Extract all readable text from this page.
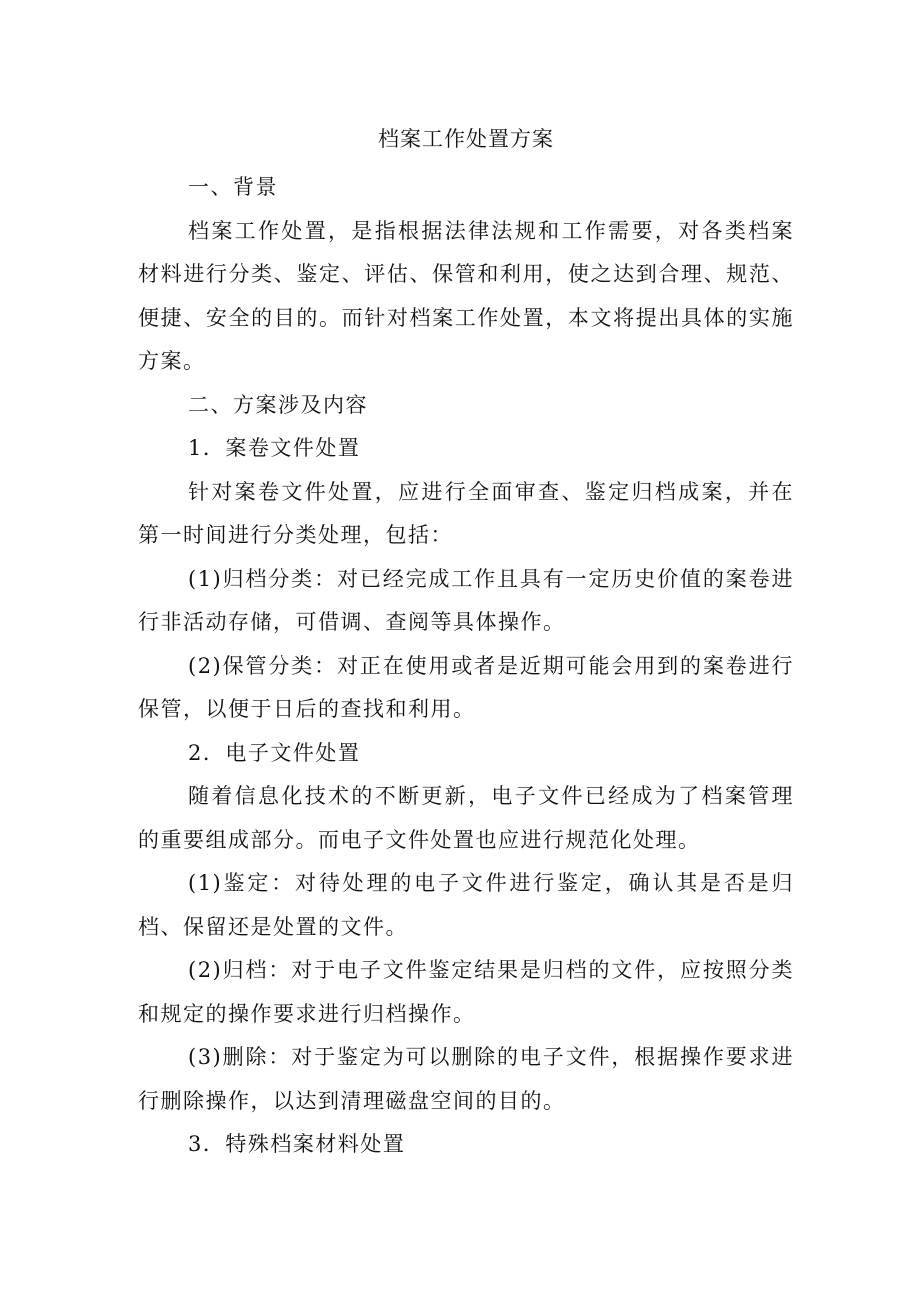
档案工作处置方案

一、背景

档案工作处置，是指根据法律法规和工作需要，对各类档案材料进行分类、鉴定、评估、保管和利用，使之达到合理、规范、便捷、安全的目的。而针对档案工作处置，本文将提出具体的实施方案。

二、方案涉及内容

1．案卷文件处置

针对案卷文件处置，应进行全面审查、鉴定归档成案，并在第一时间进行分类处理，包括：

(1)归档分类：对已经完成工作且具有一定历史价值的案卷进行非活动存储，可借调、查阅等具体操作。

(2)保管分类：对正在使用或者是近期可能会用到的案卷进行保管，以便于日后的查找和利用。

2．电子文件处置

随着信息化技术的不断更新，电子文件已经成为了档案管理的重要组成部分。而电子文件处置也应进行规范化处理。

(1)鉴定：对待处理的电子文件进行鉴定，确认其是否是归档、保留还是处置的文件。

(2)归档：对于电子文件鉴定结果是归档的文件，应按照分类和规定的操作要求进行归档操作。

(3)删除：对于鉴定为可以删除的电子文件，根据操作要求进行删除操作，以达到清理磁盘空间的目的。

3．特殊档案材料处置
